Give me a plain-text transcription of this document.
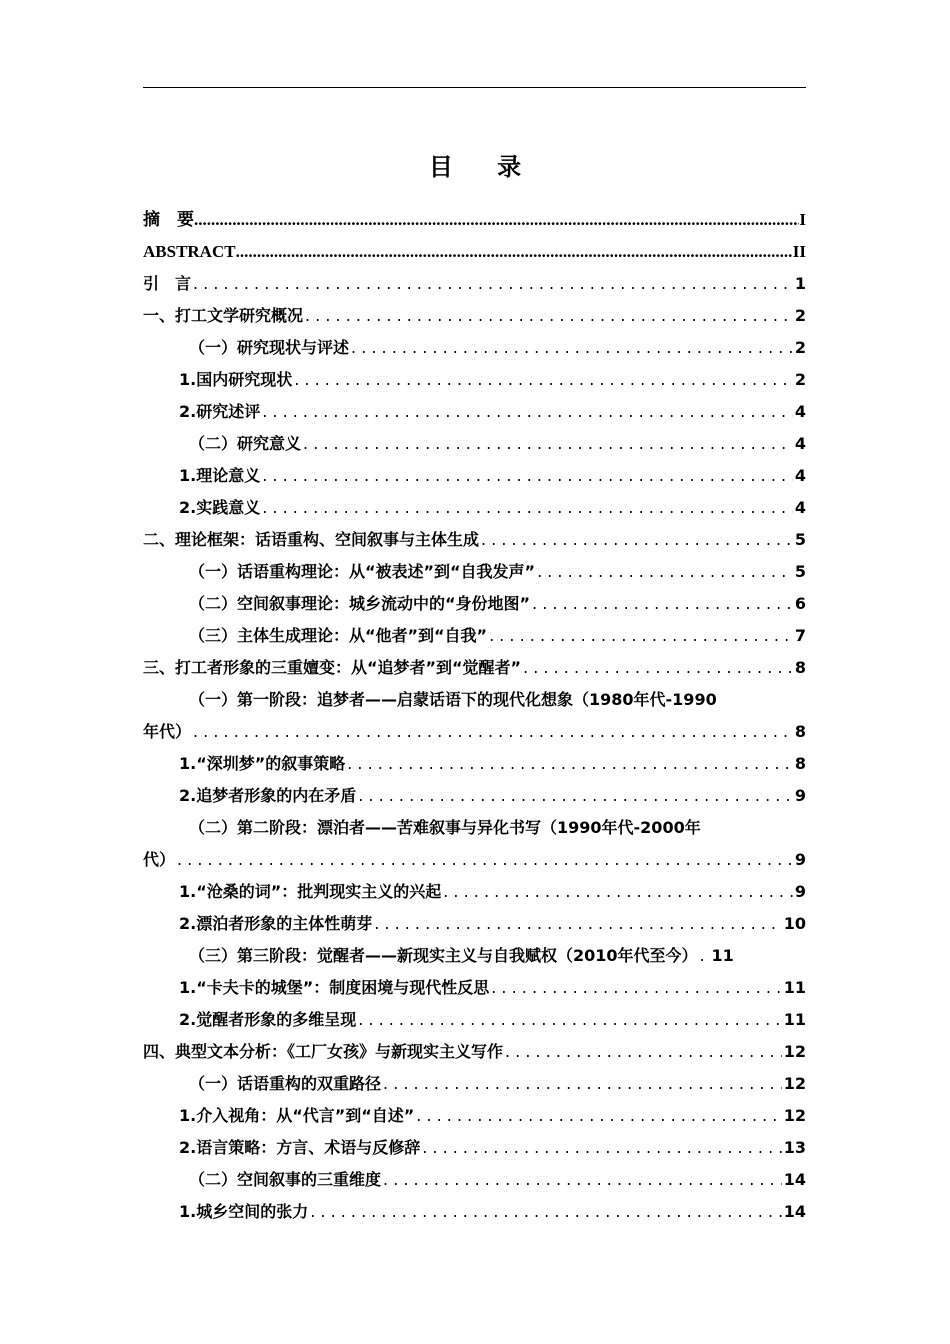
目 录
摘　要 .....	I
ABSTRACT .....	II
引　言 . . .	1
一、打工文学研究概况 . . .	2
（一）研究现状与评述 . . .	2
1.国内研究现状 . . .	2
2.研究述评 . . .	4
（二）研究意义 . . .	4
1.理论意义 . . .	4
2.实践意义 . . .	4
二、理论框架：话语重构、空间叙事与主体生成 . . .	5
（一）话语重构理论：从“被表述”到“自我发声” . . .	5
（二）空间叙事理论：城乡流动中的“身份地图” . . .	6
（三）主体生成理论：从“他者”到“自我” . . .	7
三、打工者形象的三重嬗变：从“追梦者”到“觉醒者” . . .	8
（一）第一阶段：追梦者——启蒙话语下的现代化想象（1980年代-1990
年代） . . .	8
1.“深圳梦”的叙事策略 . . .	8
2.追梦者形象的内在矛盾 . . .	9
（二）第二阶段：漂泊者——苦难叙事与异化书写（1990年代-2000年
代） . . .	9
1.“沧桑的词”：批判现实主义的兴起 . . .	9
2.漂泊者形象的主体性萌芽 . . .	10
（三）第三阶段：觉醒者——新现实主义与自我赋权（2010年代至今） . . . 11
1.“卡夫卡的城堡”：制度困境与现代性反思 . . .	11
2.觉醒者形象的多维呈现 . . .	11
四、典型文本分析：《工厂女孩》与新现实主义写作 . . .	12
（一）话语重构的双重路径 . . .	12
1.介入视角：从“代言”到“自述” . . .	12
2.语言策略：方言、术语与反修辞 . . .	13
（二）空间叙事的三重维度 . . .	14
1.城乡空间的张力 . . .	14
